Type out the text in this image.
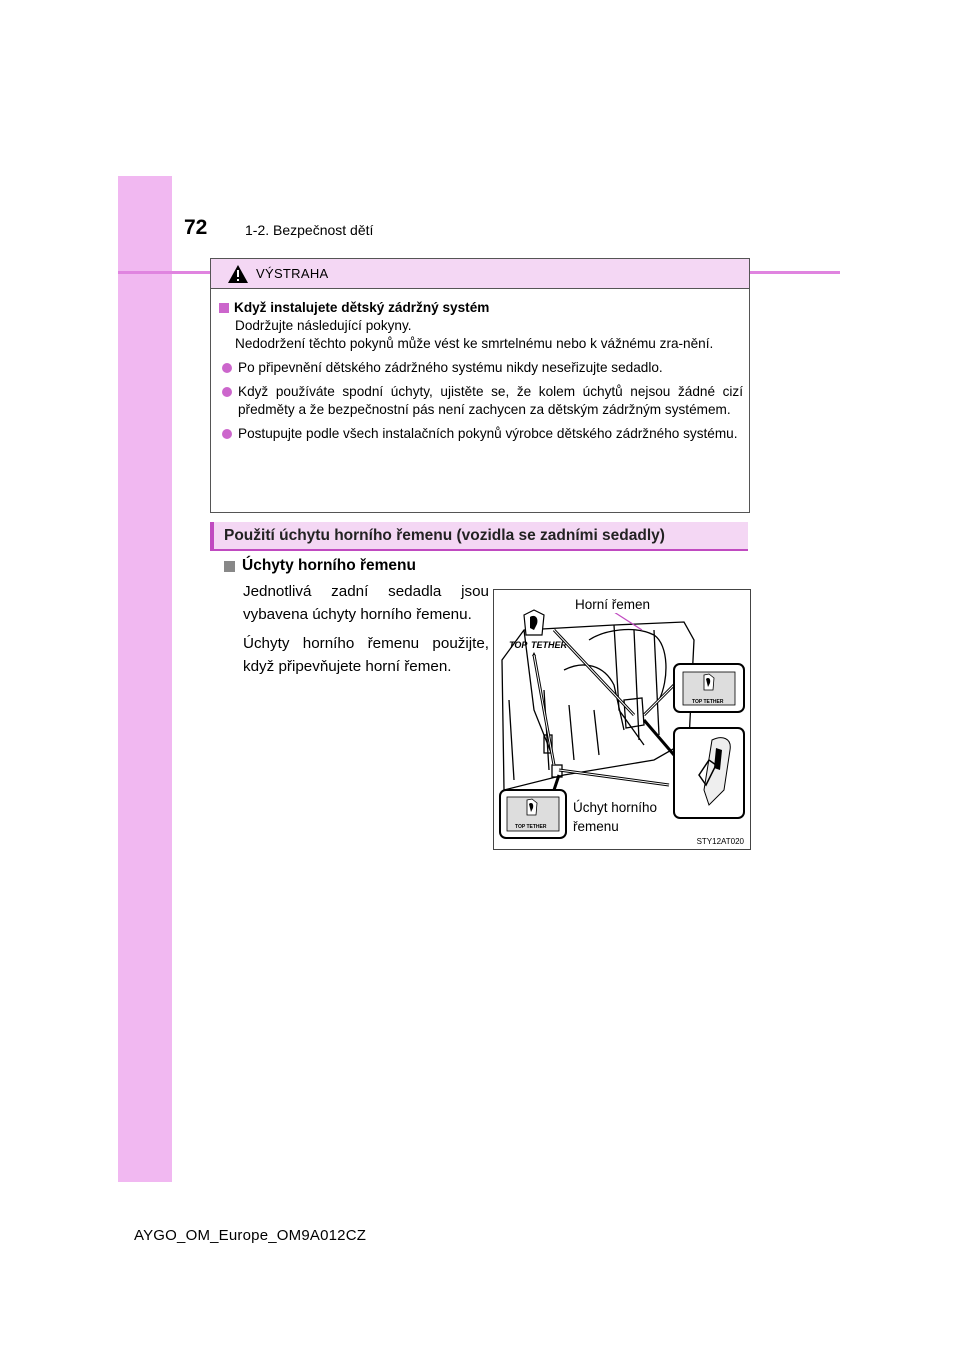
72	1-2. Bezpečnost dětí
VÝSTRAHA
Když instalujete dětský zádržný systém
Dodržujte následující pokyny.
Nedodržení těchto pokynů může vést ke smrtelnému nebo k vážnému zra-nění.
Po připevnění dětského zádržného systému nikdy neseřizujte sedadlo.
Když používáte spodní úchyty, ujistěte se, že kolem úchytů nejsou žádné cizí předměty a že bezpečnostní pás není zachycen za dětským zádržným systémem.
Postupujte podle všech instalačních pokynů výrobce dětského zádržného systému.
Použití úchytu horního řemenu (vozidla se zadními sedadly)
Úchyty horního řemenu
Jednotlivá zadní sedadla jsou vybavena úchyty horního řemenu.
Úchyty horního řemenu použijte, když připevňujete horní řemen.
TOP TETHER
TOP TETHER
TOP TETHER
Horní řemen
Úchyt horního
řemenu
STY12AT020
AYGO_OM_Europe_OM9A012CZ
